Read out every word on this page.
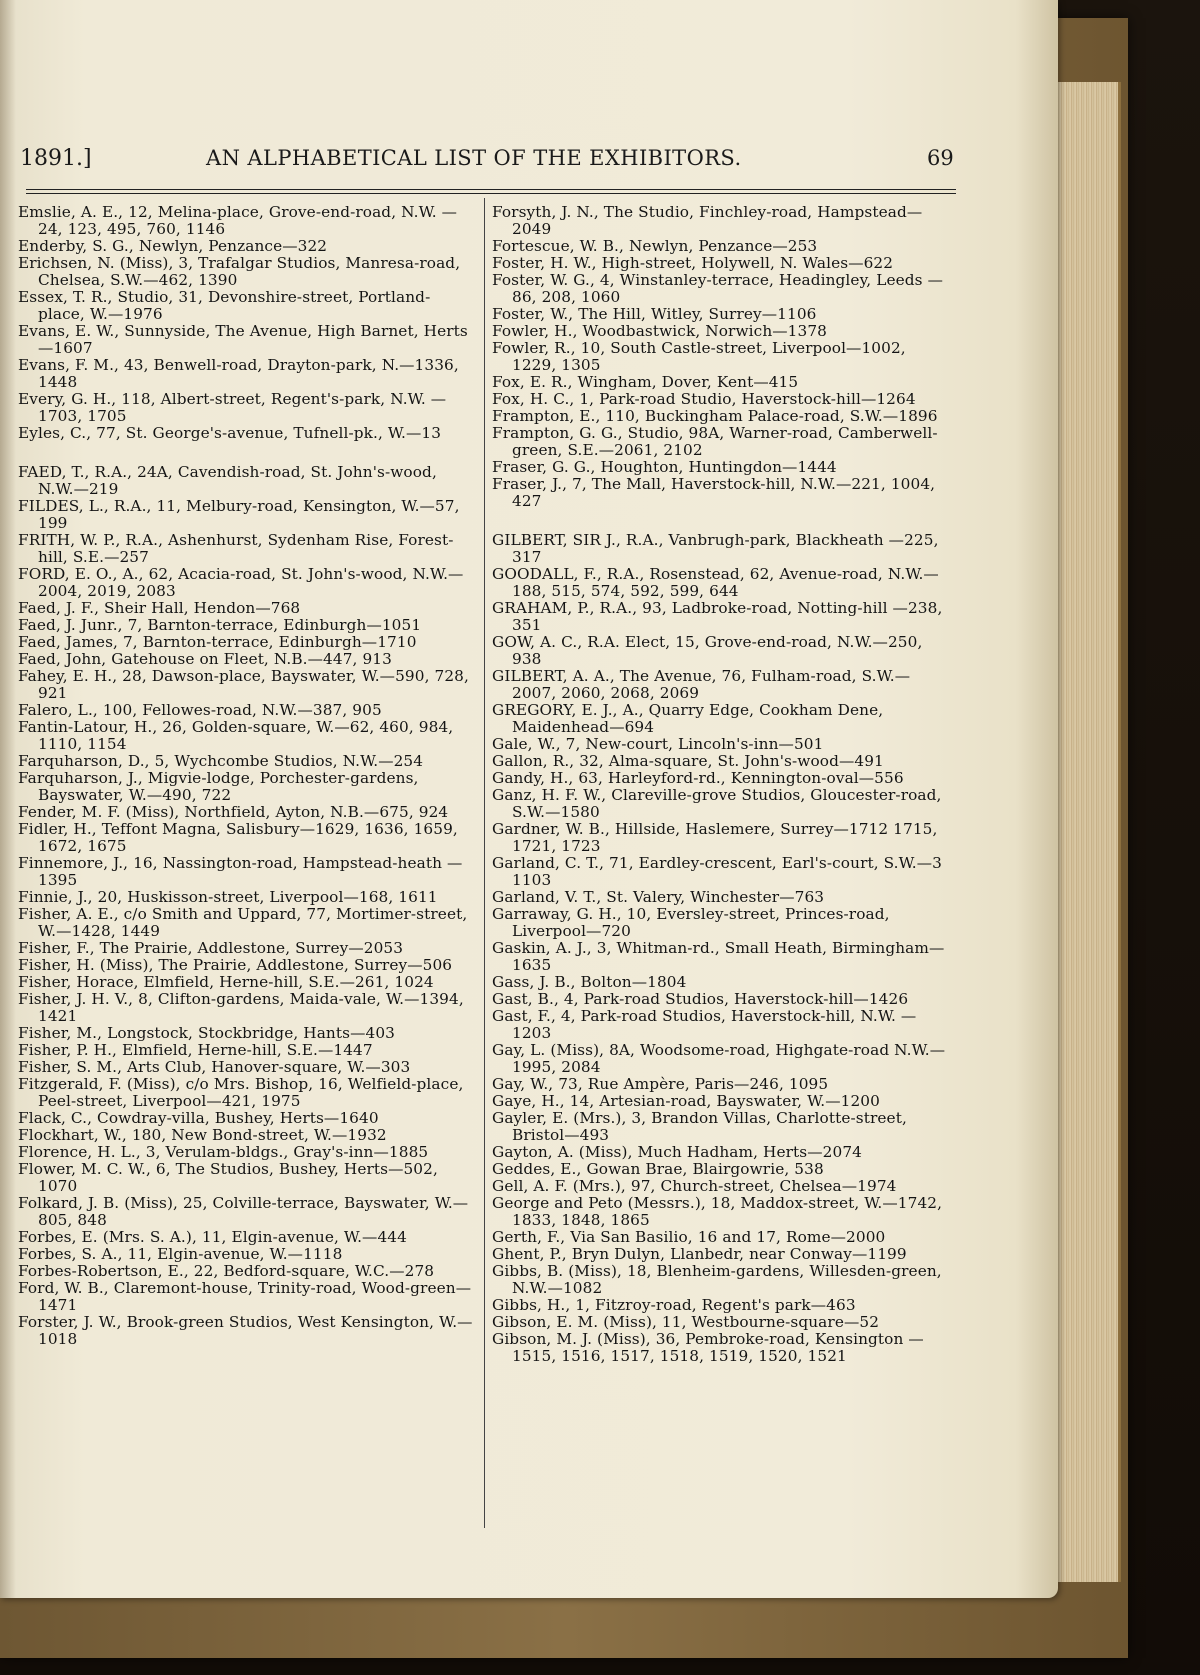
1891.]	AN ALPHABETICAL LIST OF THE EXHIBITORS.	69

Emslie, A. E., 12, Melina-place, Grove-end-road, N.W. —24, 123, 495, 760, 1146

Enderby, S. G., Newlyn, Penzance—322

Erichsen, N. (Miss), 3, Trafalgar Studios, Manresa-road, Chelsea, S.W.—462, 1390

Essex, T. R., Studio, 31, Devonshire-street, Portland-place, W.—1976

Evans, E. W., Sunnyside, The Avenue, High Barnet, Herts—1607

Evans, F. M., 43, Benwell-road, Drayton-park, N.—1336, 1448

Every, G. H., 118, Albert-street, Regent's-park, N.W. —1703, 1705

Eyles, C., 77, St. George's-avenue, Tufnell-pk., W.—13

FAED, T., R.A., 24A, Cavendish-road, St. John's-wood, N.W.—219

FILDES, L., R.A., 11, Melbury-road, Kensington, W.—57, 199

FRITH, W. P., R.A., Ashenhurst, Sydenham Rise, Forest-hill, S.E.—257

FORD, E. O., A., 62, Acacia-road, St. John's-wood, N.W.—2004, 2019, 2083

Faed, J. F., Sheir Hall, Hendon—768

Faed, J. Junr., 7, Barnton-terrace, Edinburgh—1051

Faed, James, 7, Barnton-terrace, Edinburgh—1710

Faed, John, Gatehouse on Fleet, N.B.—447, 913

Fahey, E. H., 28, Dawson-place, Bayswater, W.—590, 728, 921

Falero, L., 100, Fellowes-road, N.W.—387, 905

Fantin-Latour, H., 26, Golden-square, W.—62, 460, 984, 1110, 1154

Farquharson, D., 5, Wychcombe Studios, N.W.—254

Farquharson, J., Migvie-lodge, Porchester-gardens, Bayswater, W.—490, 722

Fender, M. F. (Miss), Northfield, Ayton, N.B.—675, 924

Fidler, H., Teffont Magna, Salisbury—1629, 1636, 1659, 1672, 1675

Finnemore, J., 16, Nassington-road, Hampstead-heath —1395

Finnie, J., 20, Huskisson-street, Liverpool—168, 1611

Fisher, A. E., c/o Smith and Uppard, 77, Mortimer-street, W.—1428, 1449

Fisher, F., The Prairie, Addlestone, Surrey—2053

Fisher, H. (Miss), The Prairie, Addlestone, Surrey—506

Fisher, Horace, Elmfield, Herne-hill, S.E.—261, 1024

Fisher, J. H. V., 8, Clifton-gardens, Maida-vale, W.—1394, 1421

Fisher, M., Longstock, Stockbridge, Hants—403

Fisher, P. H., Elmfield, Herne-hill, S.E.—1447

Fisher, S. M., Arts Club, Hanover-square, W.—303

Fitzgerald, F. (Miss), c/o Mrs. Bishop, 16, Welfield-place, Peel-street, Liverpool—421, 1975

Flack, C., Cowdray-villa, Bushey, Herts—1640

Flockhart, W., 180, New Bond-street, W.—1932

Florence, H. L., 3, Verulam-bldgs., Gray's-inn—1885

Flower, M. C. W., 6, The Studios, Bushey, Herts—502, 1070

Folkard, J. B. (Miss), 25, Colville-terrace, Bayswater, W.—805, 848

Forbes, E. (Mrs. S. A.), 11, Elgin-avenue, W.—444

Forbes, S. A., 11, Elgin-avenue, W.—1118

Forbes-Robertson, E., 22, Bedford-square, W.C.—278

Ford, W. B., Claremont-house, Trinity-road, Wood-green—1471

Forster, J. W., Brook-green Studios, West Kensington, W.—1018

Forsyth, J. N., The Studio, Finchley-road, Hampstead—2049

Fortescue, W. B., Newlyn, Penzance—253

Foster, H. W., High-street, Holywell, N. Wales—622

Foster, W. G., 4, Winstanley-terrace, Headingley, Leeds —86, 208, 1060

Foster, W., The Hill, Witley, Surrey—1106

Fowler, H., Woodbastwick, Norwich—1378

Fowler, R., 10, South Castle-street, Liverpool—1002, 1229, 1305

Fox, E. R., Wingham, Dover, Kent—415

Fox, H. C., 1, Park-road Studio, Haverstock-hill—1264

Frampton, E., 110, Buckingham Palace-road, S.W.—1896

Frampton, G. G., Studio, 98A, Warner-road, Camberwell-green, S.E.—2061, 2102

Fraser, G. G., Houghton, Huntingdon—1444

Fraser, J., 7, The Mall, Haverstock-hill, N.W.—221, 1004, 427

GILBERT, SIR J., R.A., Vanbrugh-park, Blackheath —225, 317

GOODALL, F., R.A., Rosenstead, 62, Avenue-road, N.W.—188, 515, 574, 592, 599, 644

GRAHAM, P., R.A., 93, Ladbroke-road, Notting-hill —238, 351

GOW, A. C., R.A. Elect, 15, Grove-end-road, N.W.—250, 938

GILBERT, A. A., The Avenue, 76, Fulham-road, S.W.—2007, 2060, 2068, 2069

GREGORY, E. J., A., Quarry Edge, Cookham Dene, Maidenhead—694

Gale, W., 7, New-court, Lincoln's-inn—501

Gallon, R., 32, Alma-square, St. John's-wood—491

Gandy, H., 63, Harleyford-rd., Kennington-oval—556

Ganz, H. F. W., Clareville-grove Studios, Gloucester-road, S.W.—1580

Gardner, W. B., Hillside, Haslemere, Surrey—1712 1715, 1721, 1723

Garland, C. T., 71, Eardley-crescent, Earl's-court, S.W.—3 1103

Garland, V. T., St. Valery, Winchester—763

Garraway, G. H., 10, Eversley-street, Princes-road, Liverpool—720

Gaskin, A. J., 3, Whitman-rd., Small Heath, Birmingham—1635

Gass, J. B., Bolton—1804

Gast, B., 4, Park-road Studios, Haverstock-hill—1426

Gast, F., 4, Park-road Studios, Haverstock-hill, N.W. —1203

Gay, L. (Miss), 8A, Woodsome-road, Highgate-road N.W.—1995, 2084

Gay, W., 73, Rue Ampère, Paris—246, 1095

Gaye, H., 14, Artesian-road, Bayswater, W.—1200

Gayler, E. (Mrs.), 3, Brandon Villas, Charlotte-street, Bristol—493

Gayton, A. (Miss), Much Hadham, Herts—2074

Geddes, E., Gowan Brae, Blairgowrie, 538

Gell, A. F. (Mrs.), 97, Church-street, Chelsea—1974

George and Peto (Messrs.), 18, Maddox-street, W.—1742, 1833, 1848, 1865

Gerth, F., Via San Basilio, 16 and 17, Rome—2000

Ghent, P., Bryn Dulyn, Llanbedr, near Conway—1199

Gibbs, B. (Miss), 18, Blenheim-gardens, Willesden-green, N.W.—1082

Gibbs, H., 1, Fitzroy-road, Regent's park—463

Gibson, E. M. (Miss), 11, Westbourne-square—52

Gibson, M. J. (Miss), 36, Pembroke-road, Kensington —1515, 1516, 1517, 1518, 1519, 1520, 1521
